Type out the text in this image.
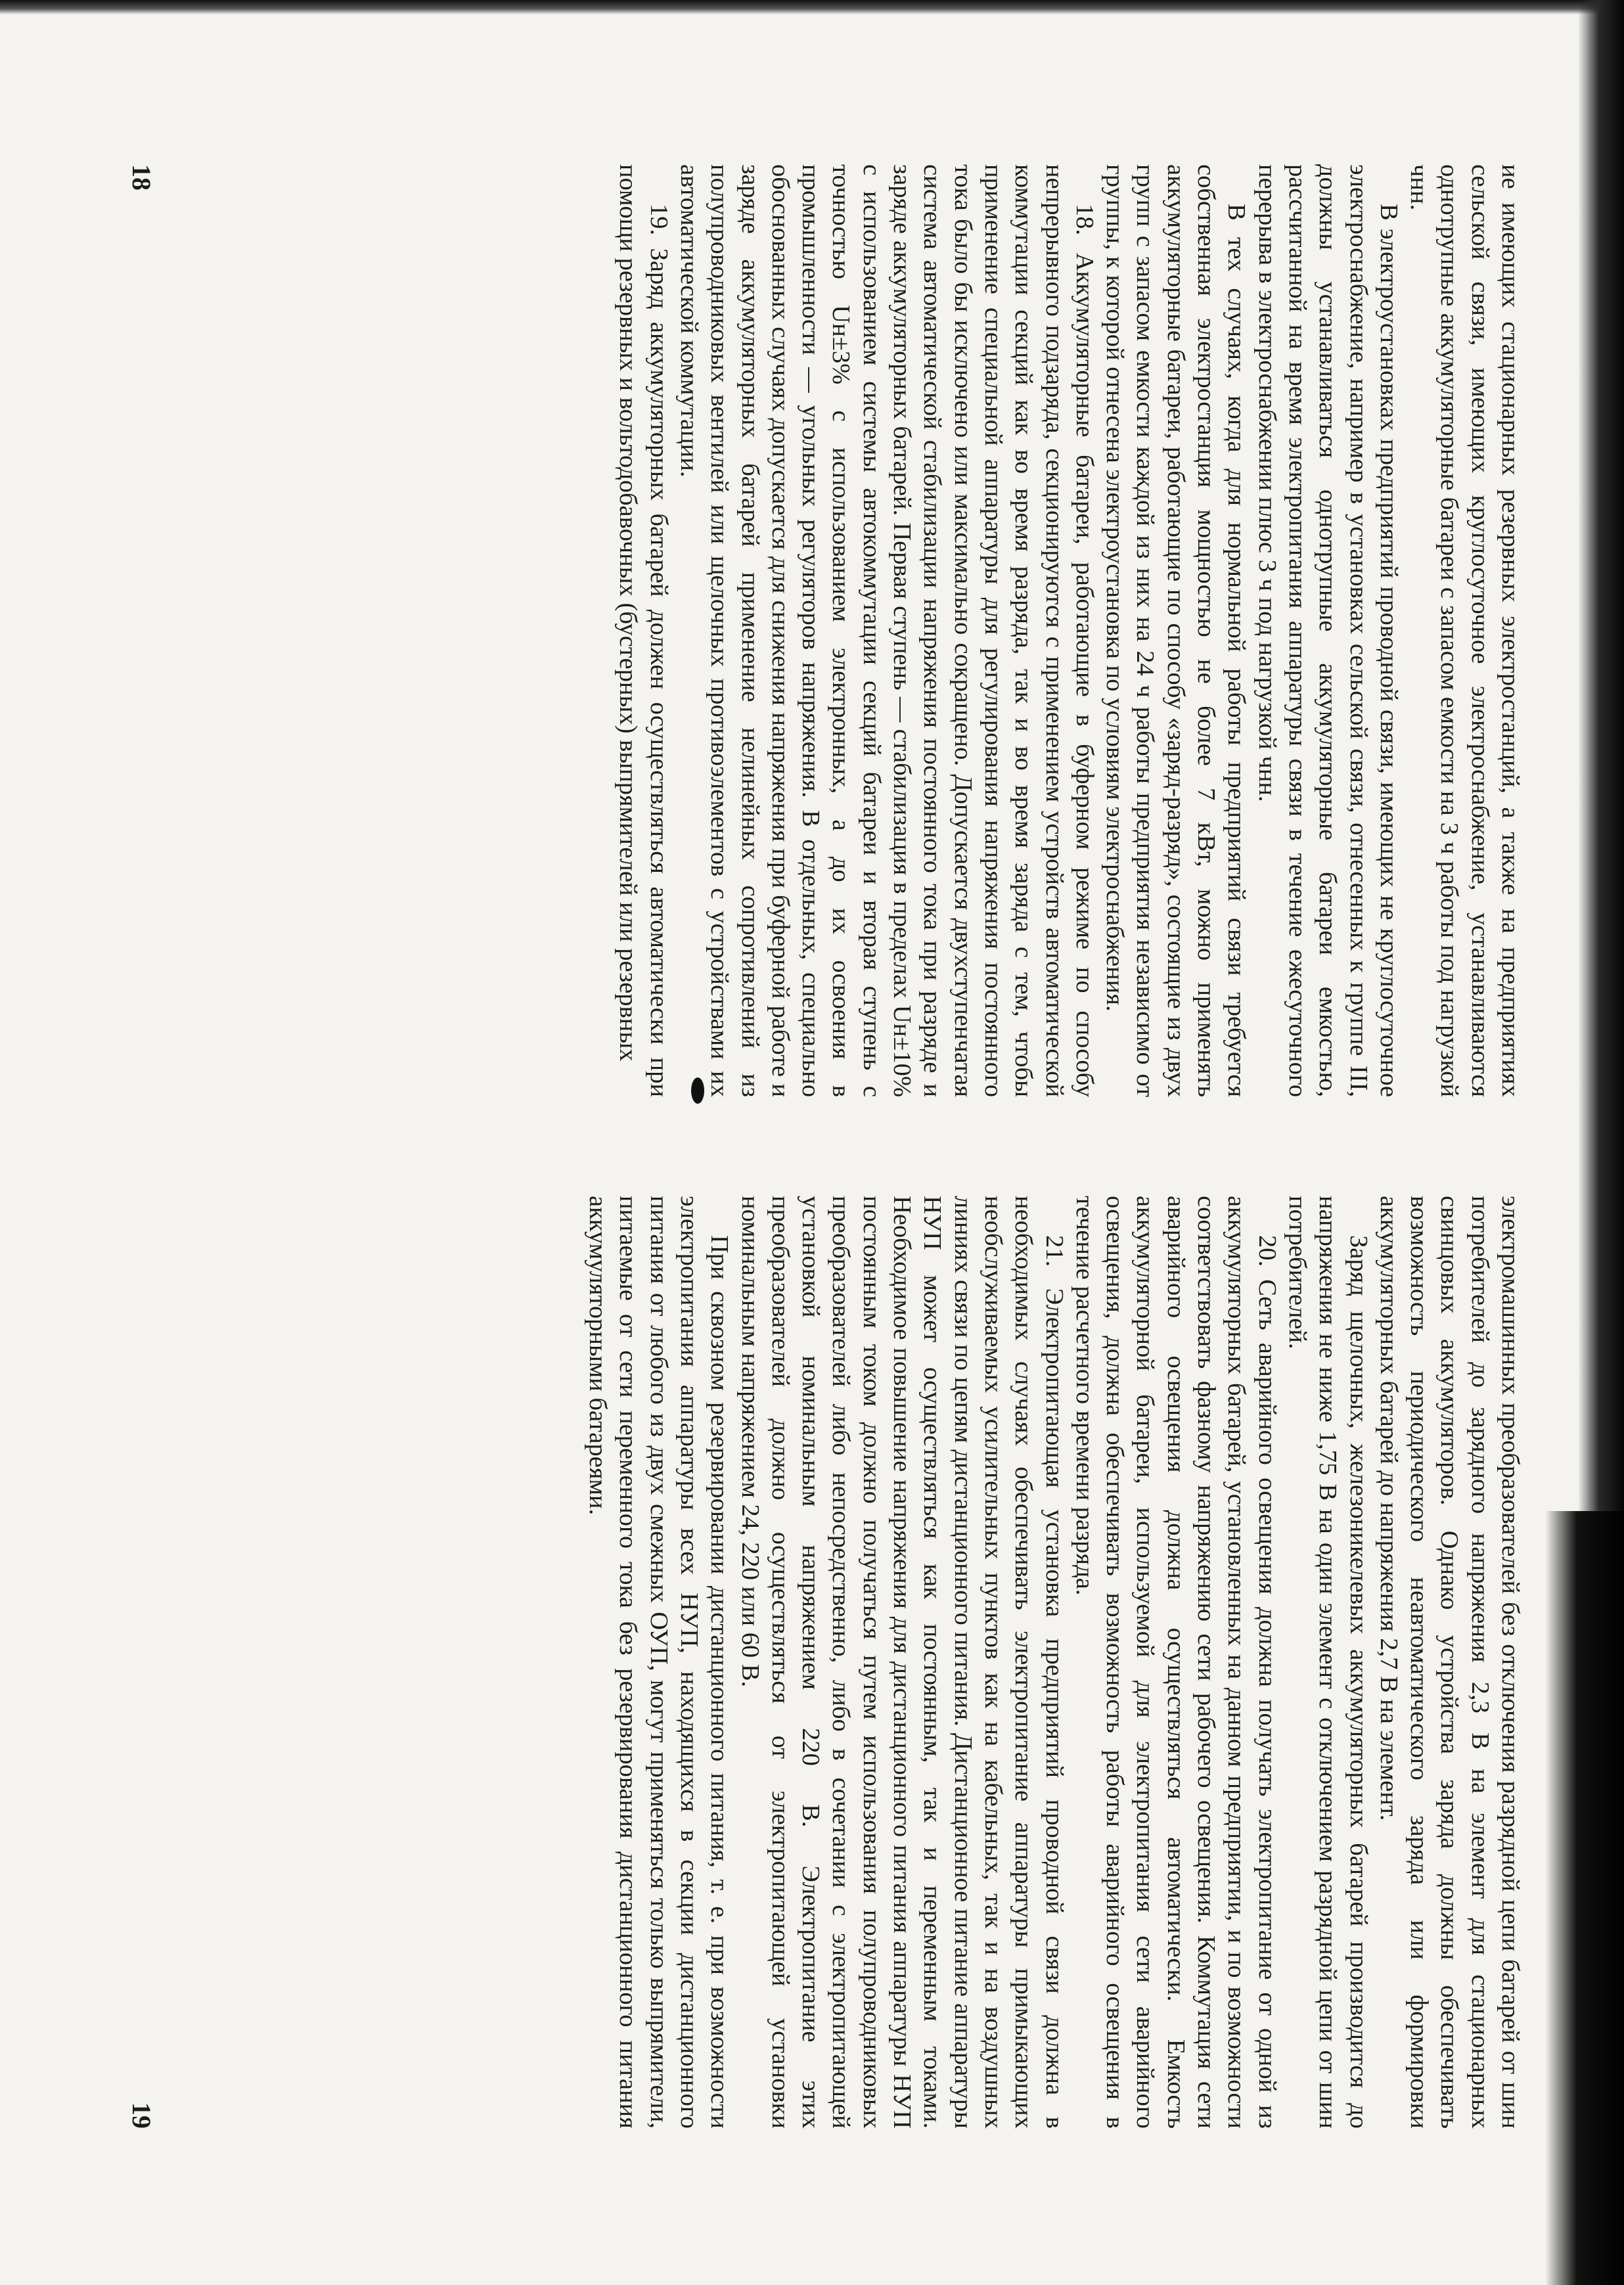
ие имеющих стационарных резервных электростанций, а также на предприятиях сельской связи, имеющих круглосуточное электроснабжение, устанавливаются однотрупные аккумуляторные батареи с запасом емкости на 3 ч работы под нагрузкой чнн.

В электроустановках предприятий проводной связи, имеющих не круглосуточное электроснабжение, например в установках сельской связи, отнесенных к группе III, должны устанавливаться однотрупные аккумуляторные батареи емкостью, рассчитанной на время электропитания аппаратуры связи в течение ежесуточного перерыва в электроснабжении плюс 3 ч под нагрузкой чнн.

В тех случаях, когда для нормальной работы предприятий связи требуется собственная электростанция мощностью не более 7 кВт, можно применять аккумуляторные батареи, работающие по способу «заряд-разряд», состоящие из двух групп с запасом емкости каждой из них на 24 ч работы предприятия независимо от группы, к которой отнесена электроустановка по условиям электроснабжения.

18. Аккумуляторные батареи, работающие в буферном режиме по способу непрерывного подзаряда, секционируются с применением устройств автоматической коммутации секций как во время разряда, так и во время заряда с тем, чтобы применение специальной аппаратуры для регулирования напряжения постоянного тока было бы исключено или максимально сокращено. Допускается двухступенчатая система автоматической стабилизации напряжения постоянного тока при разряде и заряде аккумуляторных батарей. Первая ступень — стабилизация в пределах Uн±10% с использованием системы автокоммутации секций батареи и вторая ступень с точностью Uн±3% с использованием электронных, а до их освоения в промышленности — угольных регуляторов напряжения. В отдельных, специально обоснованных случаях допускается для снижения напряжения при буферной работе и заряде аккумуляторных батарей применение нелинейных сопротивлений из полупроводниковых вентилей или щелочных противоэлементов с устройствами их автоматической коммутации.

19. Заряд аккумуляторных батарей должен осуществляться автоматически при помощи резервных и вольтодобавочных (бустерных) выпрямителей или резервных

18

электромашинных преобразователей без отключения разрядной цепи батарей от шин потребителей до зарядного напряжения 2,3 В на элемент для стационарных свинцовых аккумуляторов. Однако устройства заряда должны обеспечивать возможность периодического неавтоматического заряда или формировки аккумуляторных батарей до напряжения 2,7 В на элемент.

Заряд щелочных, железоникелевых аккумуляторных батарей производится до напряжения не ниже 1,75 В на один элемент с отключением разрядной цепи от шин потребителей.

20. Сеть аварийного освещения должна получать электропитание от одной из аккумуляторных батарей, установленных на данном предприятии, и по возможности соответствовать фазному напряжению сети рабочего освещения. Коммутация сети аварийного освещения должна осуществляться автоматически. Емкость аккумуляторной батареи, используемой для электропитания сети аварийного освещения, должна обеспечивать возможность работы аварийного освещения в течение расчетного времени разряда.

21. Электропитающая установка предприятий проводной связи должна в необходимых случаях обеспечивать электропитание аппаратуры примыкающих необслуживаемых усилительных пунктов как на кабельных, так и на воздушных линиях связи по цепям дистанционного питания. Дистанционное питание аппаратуры НУП может осуществляться как постоянным, так и переменным токами. Необходимое повышение напряжения для дистанционного питания аппаратуры НУП постоянным током должно получаться путем использования полупроводниковых преобразователей либо непосредственно, либо в сочетании с электропитающей установкой номинальным напряжением 220 В. Электропитание этих преобразователей должно осуществляться от электропитающей установки номинальным напряжением 24, 220 или 60 В.

При сквозном резервировании дистанционного питания, т. е. при возможности электропитания аппаратуры всех НУП, находящихся в секции дистанционного питания от любого из двух смежных ОУП, могут применяться только выпрямители, питаемые от сети переменного тока без резервирования дистанционного питания аккумуляторными батареями.

19
